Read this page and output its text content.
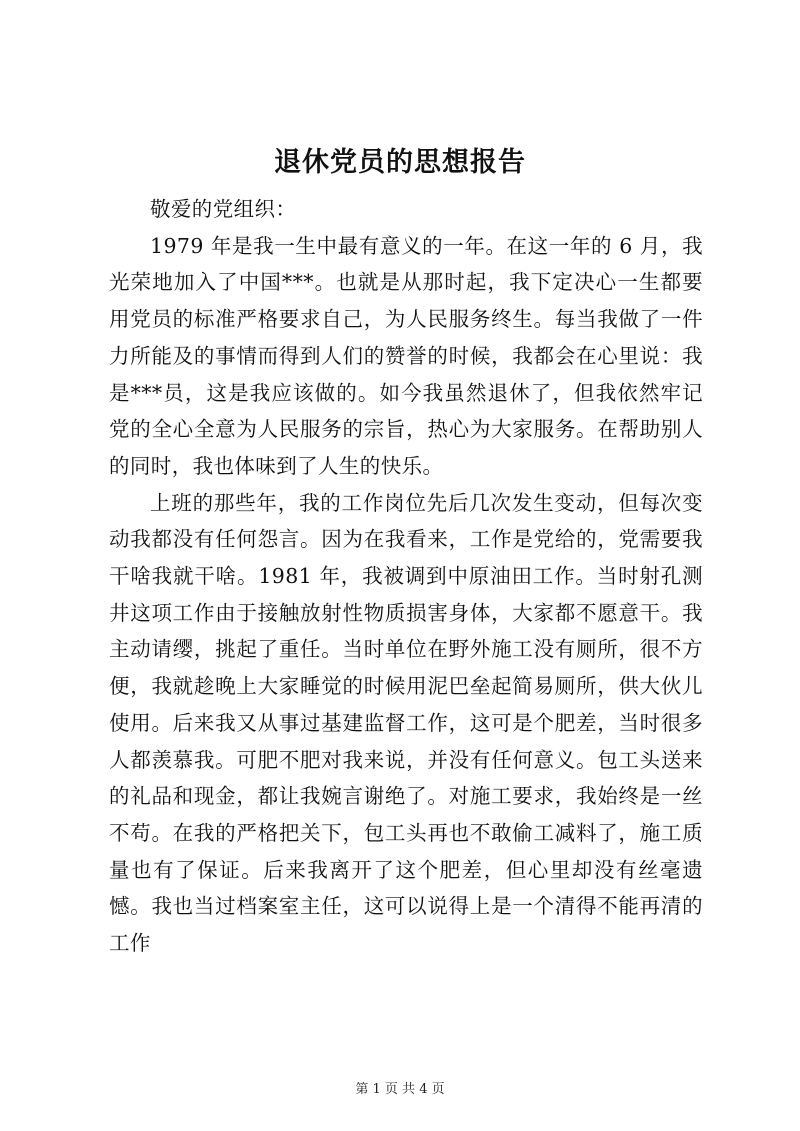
退休党员的思想报告

敬爱的党组织：

1979 年是我一生中最有意义的一年。在这一年的 6 月，我光荣地加入了中国***。也就是从那时起，我下定决心一生都要用党员的标准严格要求自己，为人民服务终生。每当我做了一件力所能及的事情而得到人们的赞誉的时候，我都会在心里说：我是***员，这是我应该做的。如今我虽然退休了，但我依然牢记党的全心全意为人民服务的宗旨，热心为大家服务。在帮助别人的同时，我也体味到了人生的快乐。

上班的那些年，我的工作岗位先后几次发生变动，但每次变动我都没有任何怨言。因为在我看来，工作是党给的，党需要我干啥我就干啥。1981 年，我被调到中原油田工作。当时射孔测井这项工作由于接触放射性物质损害身体，大家都不愿意干。我主动请缨，挑起了重任。当时单位在野外施工没有厕所，很不方便，我就趁晚上大家睡觉的时候用泥巴垒起简易厕所，供大伙儿使用。后来我又从事过基建监督工作，这可是个肥差，当时很多人都羡慕我。可肥不肥对我来说，并没有任何意义。包工头送来的礼品和现金，都让我婉言谢绝了。对施工要求，我始终是一丝不苟。在我的严格把关下，包工头再也不敢偷工减料了，施工质量也有了保证。后来我离开了这个肥差，但心里却没有丝毫遗憾。我也当过档案室主任，这可以说得上是一个清得不能再清的工作

第 1 页 共 4 页
